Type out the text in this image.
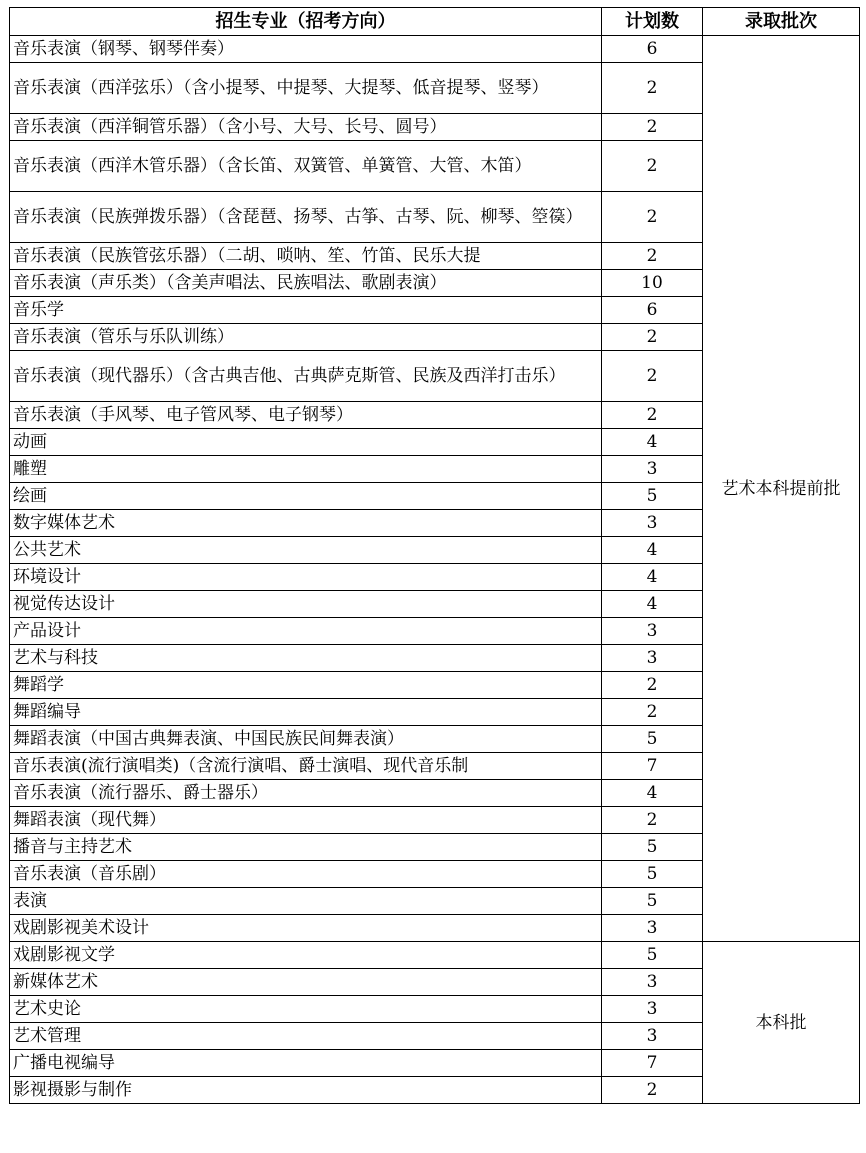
招生专业（招考方向）	计划数	录取批次
音乐表演（钢琴、钢琴伴奏）	6	艺术本科提前批
音乐表演（西洋弦乐）（含小提琴、中提琴、大提琴、低音提琴、竖琴）	2	
音乐表演（西洋铜管乐器）（含小号、大号、长号、圆号）	2	
音乐表演（西洋木管乐器）（含长笛、双簧管、单簧管、大管、木笛）	2	
音乐表演（民族弹拨乐器）（含琵琶、扬琴、古筝、古琴、阮、柳琴、箜篌）	2	
音乐表演（民族管弦乐器）（二胡、唢呐、笙、竹笛、民乐大提	2	
音乐表演（声乐类）（含美声唱法、民族唱法、歌剧表演）	10	
音乐学	6	
音乐表演（管乐与乐队训练）	2	
音乐表演（现代器乐）（含古典吉他、古典萨克斯管、民族及西洋打击乐）	2	
音乐表演（手风琴、电子管风琴、电子钢琴）	2	
动画	4	
雕塑	3	
绘画	5	
数字媒体艺术	3	
公共艺术	4	
环境设计	4	
视觉传达设计	4	
产品设计	3	
艺术与科技	3	
舞蹈学	2	
舞蹈编导	2	
舞蹈表演（中国古典舞表演、中国民族民间舞表演）	5	
音乐表演(流行演唱类)（含流行演唱、爵士演唱、现代音乐制	7	
音乐表演（流行器乐、爵士器乐）	4	
舞蹈表演（现代舞）	2	
播音与主持艺术	5	
音乐表演（音乐剧）	5	
表演	5	
戏剧影视美术设计	3	
戏剧影视文学	5	本科批
新媒体艺术	3	
艺术史论	3	
艺术管理	3	
广播电视编导	7	
影视摄影与制作	2	
